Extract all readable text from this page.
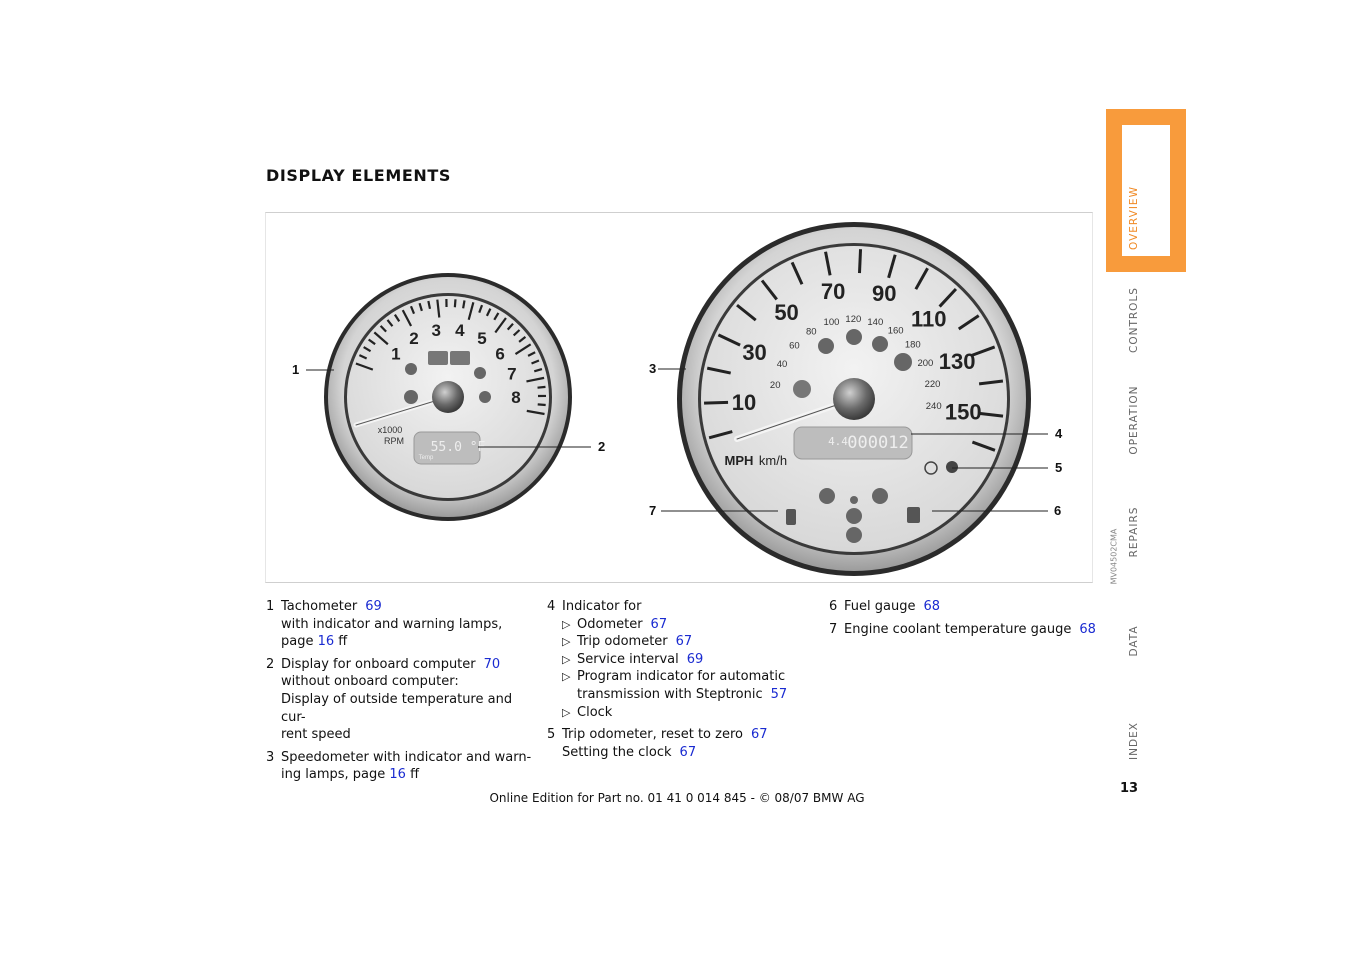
DISPLAY ELEMENTS
1
2 3 4 5
6
7
8
x1000
RPM 55.0 °F
Temp
10
30
50
70 90
110
130
150
20
40
60
80
100 120 140
160
180
200
220
240
4.4 000012
MPH km/h
1
2
3
4
5
6
7
MV04502CMA
1 Tachometer 69
with indicator and warning lamps,
page 16 ff
2 Display for onboard computer 70
without onboard computer:
Display of outside temperature and cur-
rent speed
3 Speedometer with indicator and warn-
ing lamps, page 16 ff
4 Indicator for
▷ Odometer 67
▷ Trip odometer 67
▷ Service interval 69
▷ Program indicator for automatic
transmission with Steptronic 57
▷ Clock
5 Trip odometer, reset to zero 67
Setting the clock 67
6 Fuel gauge 68
7 Engine coolant temperature gauge 68
Online Edition for Part no. 01 41 0 014 845 - © 08/07 BMW AG
13
OVERVIEW
CONTROLS
OPERATION
REPAIRS
DATA
INDEX
